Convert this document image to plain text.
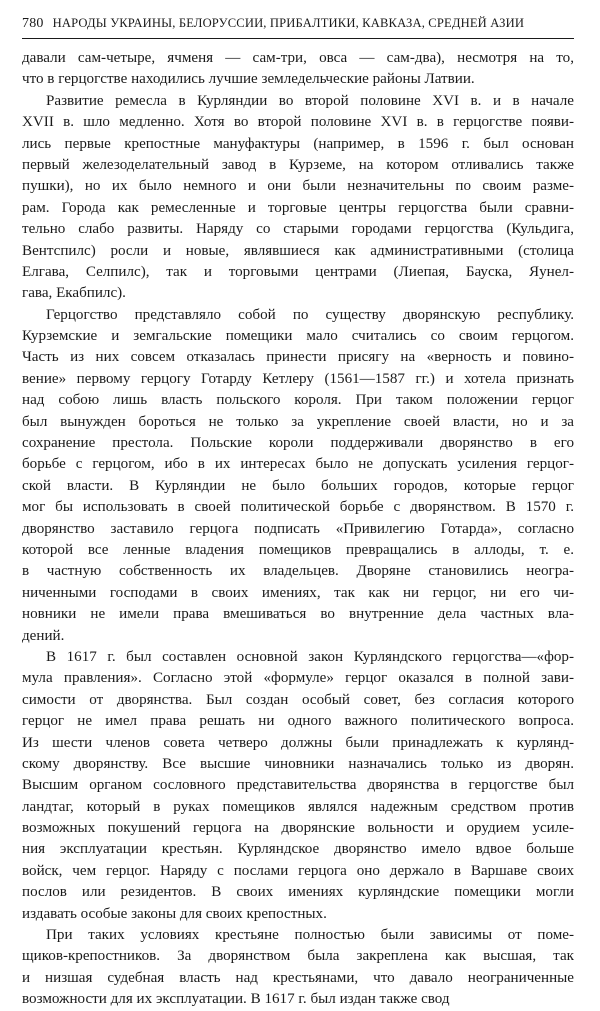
780 НАРОДЫ УКРАИНЫ, БЕЛОРУССИИ, ПРИБАЛТИКИ, КАВКАЗА, СРЕДНЕЙ АЗИИ
давали сам-четыре, ячменя — сам-три, овса — сам-два), несмотря на то,
что в герцогстве находились лучшие земледельческие районы Латвии.
Развитие ремесла в Курляндии во второй половине XVI в. и в начале
XVII в. шло медленно. Хотя во второй половине XVI в. в герцогстве появи-
лись первые крепостные мануфактуры (например, в 1596 г. был основан
первый железоделательный завод в Курземе, на котором отливались также
пушки), но их было немного и они были незначительны по своим разме-
рам. Города как ремесленные и торговые центры герцогства были сравни-
тельно слабо развиты. Наряду со старыми городами герцогства (Кульдига,
Вентспилс) росли и новые, являвшиеся как административными (столица
Елгава, Селпилс), так и торговыми центрами (Лиепая, Бауска, Яунел-
гава, Екабпилс).
Герцогство представляло собой по существу дворянскую республику.
Курземские и земгальские помещики мало считались со своим герцогом.
Часть из них совсем отказалась принести присягу на «верность и повино-
вение» первому герцогу Готарду Кетлеру (1561—1587 гг.) и хотела признать
над собою лишь власть польского короля. При таком положении герцог
был вынужден бороться не только за укрепление своей власти, но и за
сохранение престола. Польские короли поддерживали дворянство в его
борьбе с герцогом, ибо в их интересах было не допускать усиления герцог-
ской власти. В Курляндии не было больших городов, которые герцог
мог бы использовать в своей политической борьбе с дворянством. В 1570 г.
дворянство заставило герцога подписать «Привилегию Готарда», согласно
которой все ленные владения помещиков превращались в аллоды, т. е.
в частную собственность их владельцев. Дворяне становились неогра-
ниченными господами в своих имениях, так как ни герцог, ни его чи-
новники не имели права вмешиваться во внутренние дела частных вла-
дений.
В 1617 г. был составлен основной закон Курляндского герцогства—«фор-
мула правления». Согласно этой «формуле» герцог оказался в полной зави-
симости от дворянства. Был создан особый совет, без согласия которого
герцог не имел права решать ни одного важного политического вопроса.
Из шести членов совета четверо должны были принадлежать к курлянд-
скому дворянству. Все высшие чиновники назначались только из дворян.
Высшим органом сословного представительства дворянства в герцогстве был
ландтаг, который в руках помещиков являлся надежным средством против
возможных покушений герцога на дворянские вольности и орудием усиле-
ния эксплуатации крестьян. Курляндское дворянство имело вдвое больше
войск, чем герцог. Наряду с послами герцога оно держало в Варшаве своих
послов или резидентов. В своих имениях курляндские помещики могли
издавать особые законы для своих крепостных.
При таких условиях крестьяне полностью были зависимы от поме-
щиков-крепостников. За дворянством была закреплена как высшая, так
и низшая судебная власть над крестьянами, что давало неограниченные
возможности для их эксплуатации. В 1617 г. был издан также свод
